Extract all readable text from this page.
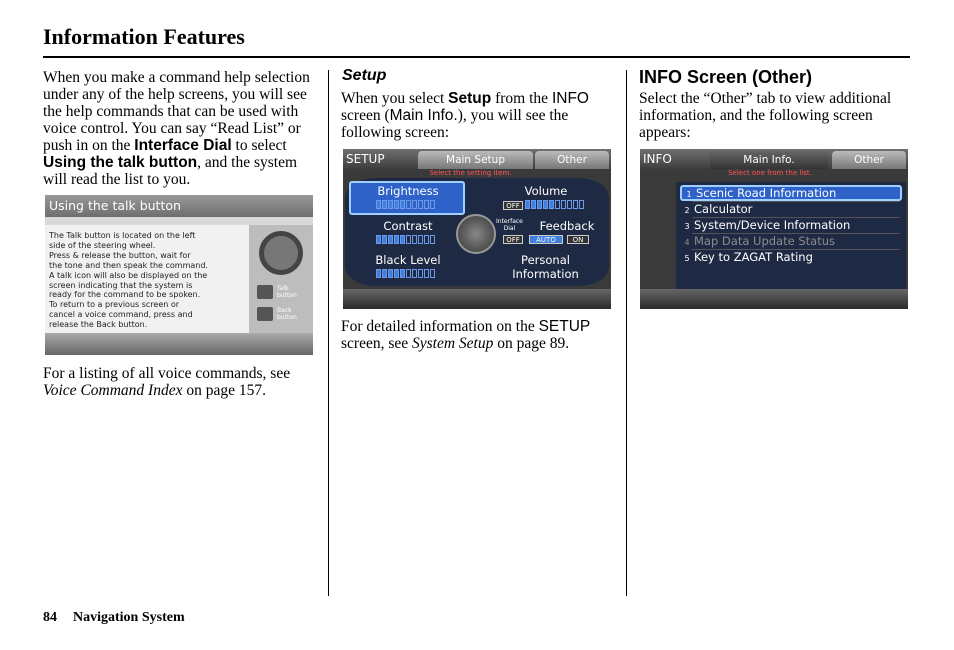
Information Features
When you make a command help selection under any of the help screens, you will see the help commands that can be used with voice control. You can say “Read List” or push in on the Interface Dial to select Using the talk button, and the system will read the list to you.
Using the talk button
The Talk button is located on the left
side of the steering wheel.
Press & release the button, wait for
the tone and then speak the command.
A talk icon will also be displayed on the
screen indicating that the system is
ready for the command to be spoken.
To return to a previous screen or
cancel a voice command, press and
release the Back button.
Talk
button
Back
button
For a listing of all voice commands, see Voice Command Index on page 157.
Setup
When you select Setup from the INFO screen (Main Info.), you will see the following screen:
SETUP	Main Setup	Other
Select the setting item.
Brightness	Volume
OFF
Contrast	Interface
Dial	Feedback
OFF	AUTO	ON
Black Level	Personal
Information
For detailed information on the SETUP screen, see System Setup on page 89.
INFO Screen (Other)
Select the “Other” tab to view additional information, and the following screen appears:
INFO	Main Info.	Other
Select one from the list.
1 Scenic Road Information
2 Calculator
3 System/Device Information
4 Map Data Update Status
5 Key to ZAGAT Rating
84 Navigation System
